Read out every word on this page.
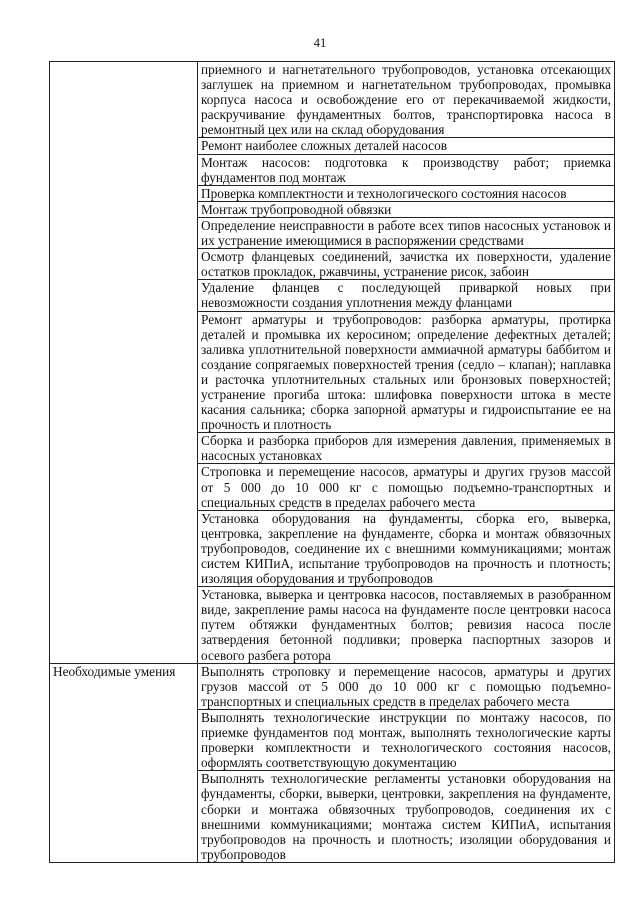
41
	приемного и нагнетательного трубопроводов, установка отсекающих заглушек на приемном и нагнетательном трубопроводах, промывка корпуса насоса и освобождение его от перекачиваемой жидкости, раскручивание фундаментных болтов, транспортировка насоса в ремонтный цех или на склад оборудования
	Ремонт наиболее сложных деталей насосов
	Монтаж насосов: подготовка к производству работ; приемка фундаментов под монтаж
	Проверка комплектности и технологического состояния насосов
	Монтаж трубопроводной обвязки
	Определение неисправности в работе всех типов насосных установок и их устранение имеющимися в распоряжении средствами
	Осмотр фланцевых соединений, зачистка их поверхности, удаление остатков прокладок, ржавчины, устранение рисок, забоин
	Удаление фланцев с последующей приваркой новых при невозможности создания уплотнения между фланцами
	Ремонт арматуры и трубопроводов: разборка арматуры, протирка деталей и промывка их керосином; определение дефектных деталей; заливка уплотнительной поверхности аммиачной арматуры баббитом и создание сопрягаемых поверхностей трения (седло – клапан); наплавка и расточка уплотнительных стальных или бронзовых поверхностей; устранение прогиба штока: шлифовка поверхности штока в месте касания сальника; сборка запорной арматуры и гидроиспытание ее на прочность и плотность
	Сборка и разборка приборов для измерения давления, применяемых в насосных установках
	Строповка и перемещение насосов, арматуры и других грузов массой от 5 000 до 10 000 кг с помощью подъемно-транспортных и специальных средств в пределах рабочего места
	Установка оборудования на фундаменты, сборка его, выверка, центровка, закрепление на фундаменте, сборка и монтаж обвязочных трубопроводов, соединение их с внешними коммуникациями; монтаж систем КИПиА, испытание трубопроводов на прочность и плотность; изоляция оборудования и трубопроводов
	Установка, выверка и центровка насосов, поставляемых в разобранном виде, закрепление рамы насоса на фундаменте после центровки насоса путем обтяжки фундаментных болтов; ревизия насоса после затвердения бетонной подливки; проверка паспортных зазоров и осевого разбега ротора
Необходимые умения	Выполнять строповку и перемещение насосов, арматуры и других грузов массой от 5 000 до 10 000 кг с помощью подъемно-транспортных и специальных средств в пределах рабочего места
	Выполнять технологические инструкции по монтажу насосов, по приемке фундаментов под монтаж, выполнять технологические карты проверки комплектности и технологического состояния насосов, оформлять соответствующую документацию
	Выполнять технологические регламенты установки оборудования на фундаменты, сборки, выверки, центровки, закрепления на фундаменте, сборки и монтажа обвязочных трубопроводов, соединения их с внешними коммуникациями; монтажа систем КИПиА, испытания трубопроводов на прочность и плотность; изоляции оборудования и трубопроводов
